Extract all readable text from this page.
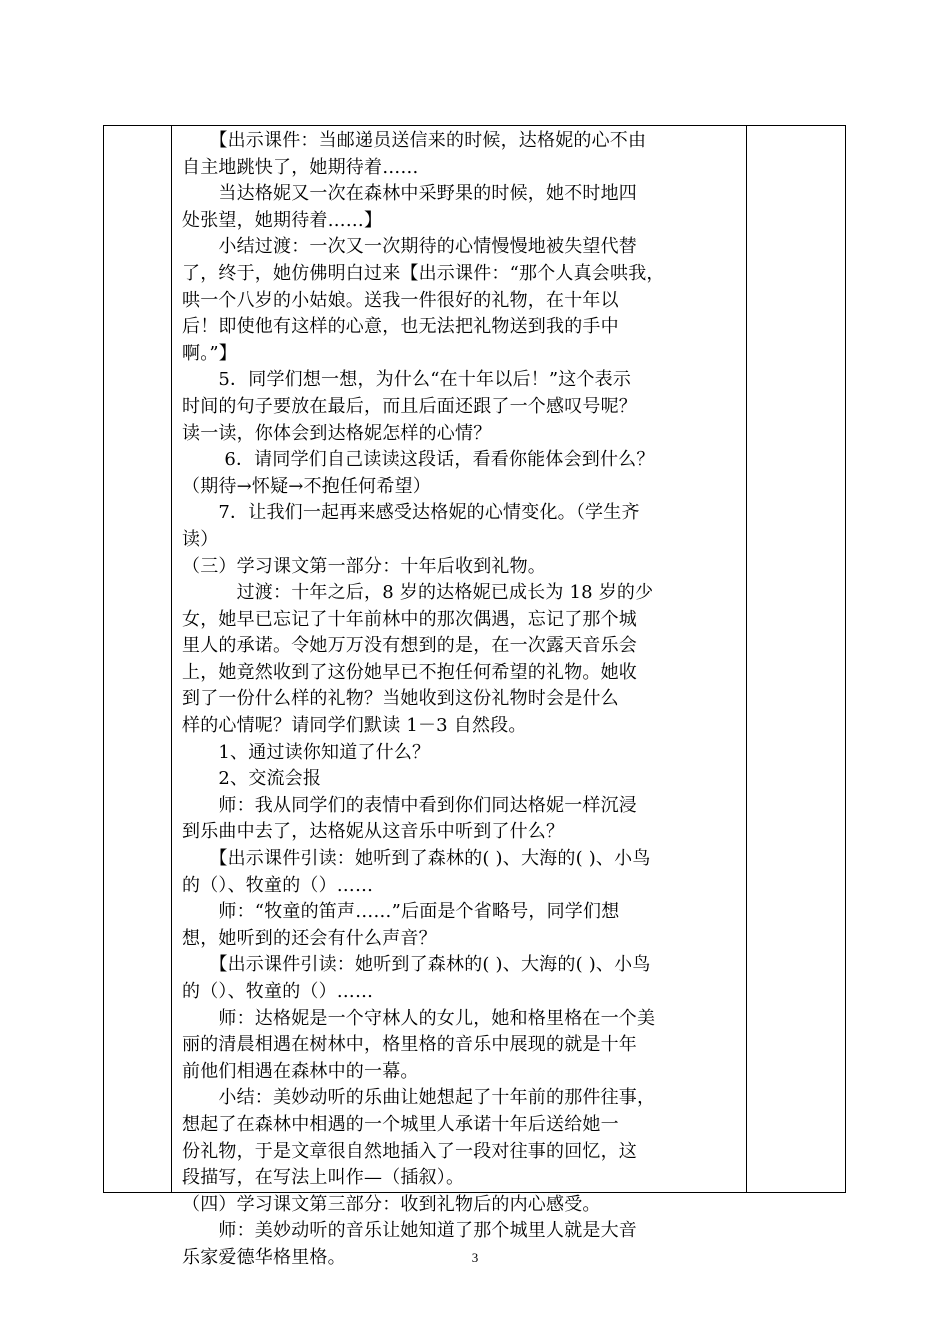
　　【出示课件：当邮递员送信来的时候，达格妮的心不由
自主地跳快了，她期待着……
　　当达格妮又一次在森林中采野果的时候，她不时地四
处张望，她期待着……】
　　小结过渡：一次又一次期待的心情慢慢地被失望代替
了，终于，她仿佛明白过来【出示课件：“那个人真会哄我，
哄一个八岁的小姑娘。送我一件很好的礼物，在十年以
后！即使他有这样的心意，也无法把礼物送到我的手中
啊。”】
　　5．同学们想一想，为什么“在十年以后！”这个表示
时间的句子要放在最后，而且后面还跟了一个感叹号呢？
读一读，你体会到达格妮怎样的心情？
　　 6．请同学们自己读读这段话，看看你能体会到什么？
（期待→怀疑→不抱任何希望）
　　7．让我们一起再来感受达格妮的心情变化。（学生齐
读）
（三）学习课文第一部分：十年后收到礼物。
　　　过渡：十年之后，8 岁的达格妮已成长为 18 岁的少
女，她早已忘记了十年前林中的那次偶遇，忘记了那个城
里人的承诺。令她万万没有想到的是，在一次露天音乐会
上，她竟然收到了这份她早已不抱任何希望的礼物。她收
到了一份什么样的礼物？当她收到这份礼物时会是什么
样的心情呢？请同学们默读 1－3 自然段。
　　1、通过读你知道了什么？
　　2、交流会报
　　师：我从同学们的表情中看到你们同达格妮一样沉浸
到乐曲中去了，达格妮从这音乐中听到了什么？
　　【出示课件引读：她听到了森林的( )、大海的( )、小鸟
的（）、牧童的（）……
　　师：“牧童的笛声……”后面是个省略号，同学们想
想，她听到的还会有什么声音？
　　【出示课件引读：她听到了森林的( )、大海的( )、小鸟
的（）、牧童的（）……
　　师：达格妮是一个守林人的女儿，她和格里格在一个美
丽的清晨相遇在树林中，格里格的音乐中展现的就是十年
前他们相遇在森林中的一幕。
　　小结：美妙动听的乐曲让她想起了十年前的那件往事，
想起了在森林中相遇的一个城里人承诺十年后送给她一
份礼物，于是文章很自然地插入了一段对往事的回忆，这
段描写，在写法上叫作—（插叙）。
（四）学习课文第三部分：收到礼物后的内心感受。
　　师：美妙动听的音乐让她知道了那个城里人就是大音
乐家爱德华格里格。	3
